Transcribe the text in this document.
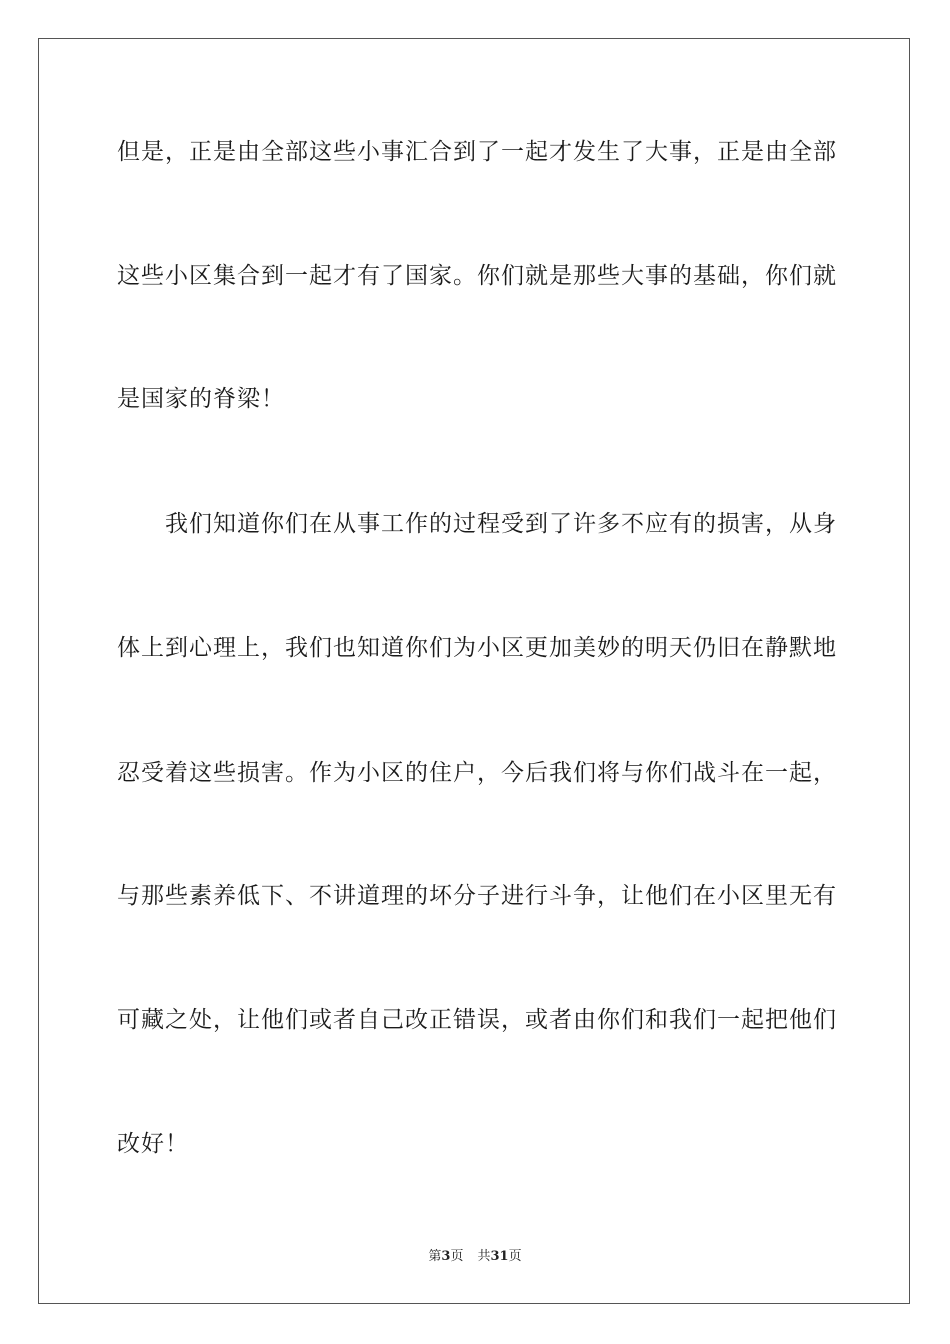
但是，正是由全部这些小事汇合到了一起才发生了大事，正是由全部
这些小区集合到一起才有了国家。你们就是那些大事的基础，你们就
是国家的脊梁！
　　我们知道你们在从事工作的过程受到了许多不应有的损害，从身
体上到心理上，我们也知道你们为小区更加美妙的明天仍旧在静默地
忍受着这些损害。作为小区的住户，今后我们将与你们战斗在一起，
与那些素养低下、不讲道理的坏分子进行斗争，让他们在小区里无有
可藏之处，让他们或者自己改正错误，或者由你们和我们一起把他们
改好！
第3页 共31页
